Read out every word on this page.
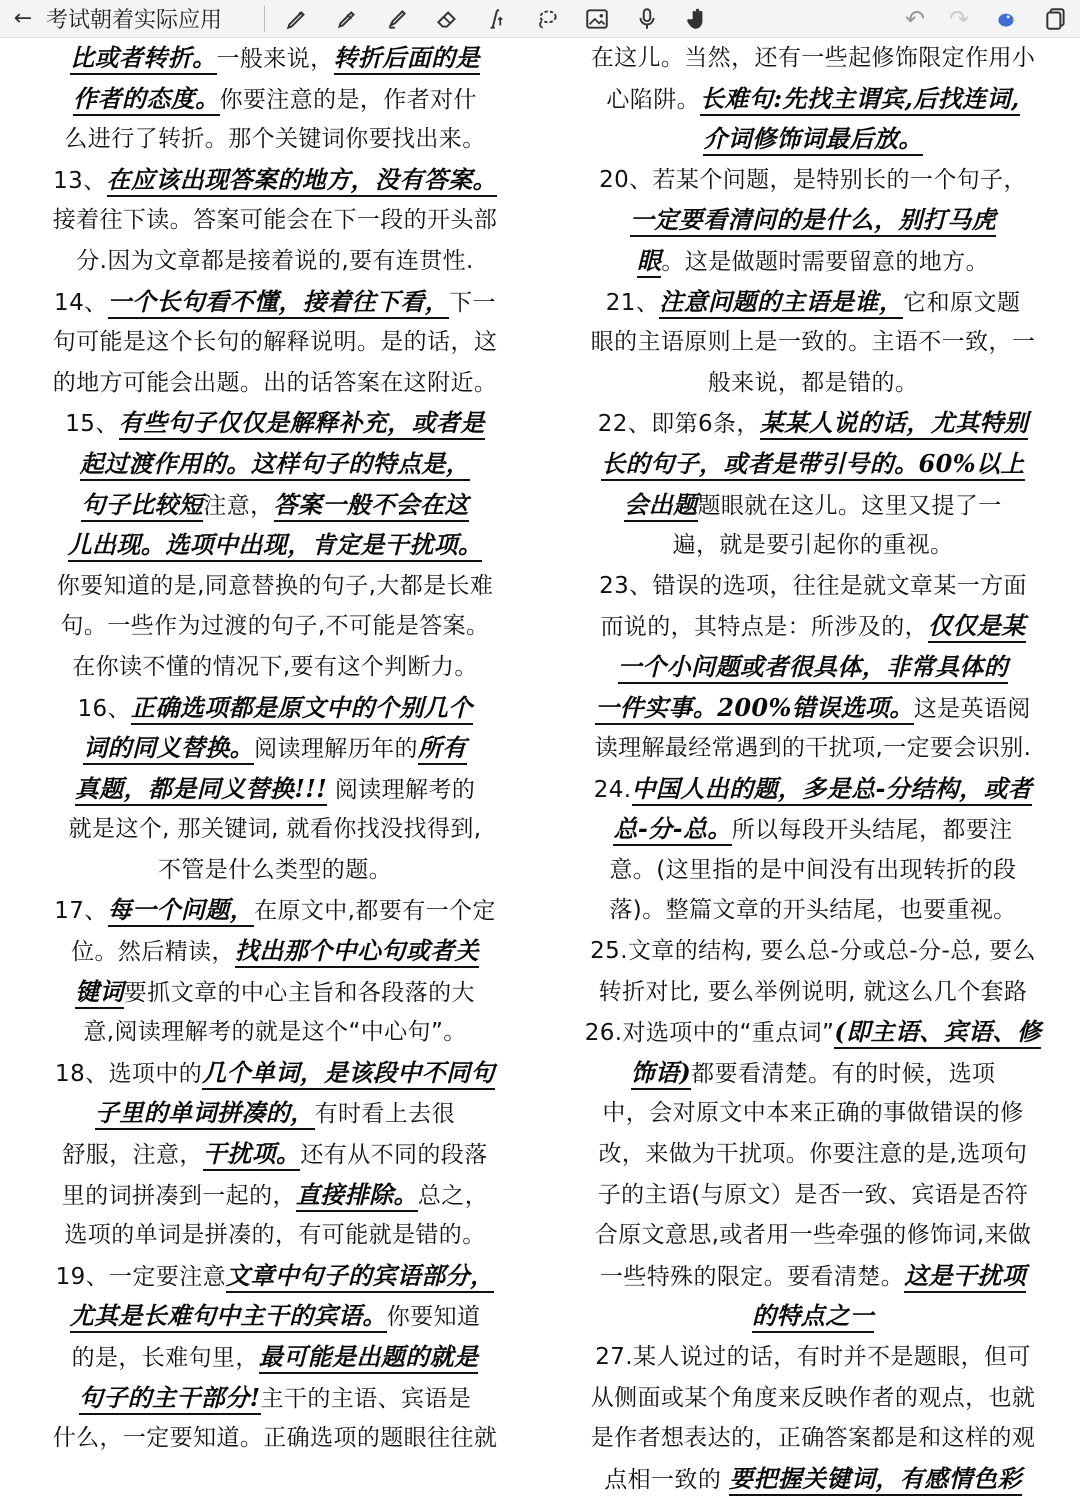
← 考试朝着实际应用	↶ ↷
比或者转折。一般来说，转折后面的是
作者的态度。你要注意的是，作者对什
么进行了转折。那个关键词你要找出来。
13、在应该出现答案的地方，没有答案。
接着往下读。答案可能会在下一段的开头部
分.因为文章都是接着说的,要有连贯性.
14、一个长句看不懂，接着往下看，下一
句可能是这个长句的解释说明。是的话，这
的地方可能会出题。出的话答案在这附近。
15、有些句子仅仅是解释补充，或者是
起过渡作用的。这样句子的特点是，
句子比较短注意，答案一般不会在这
儿出现。选项中出现，肯定是干扰项。
你要知道的是,同意替换的句子,大都是长难
句。一些作为过渡的句子,不可能是答案。
在你读不懂的情况下,要有这个判断力。
16、正确选项都是原文中的个别几个
词的同义替换。阅读理解历年的所有
真题，都是同义替换!!! 阅读理解考的
就是这个, 那关键词, 就看你找没找得到,
不管是什么类型的题。
17、每一个问题，在原文中,都要有一个定
位。然后精读，找出那个中心句或者关
键词要抓文章的中心主旨和各段落的大
意,阅读理解考的就是这个“中心句”。
18、选项中的几个单词，是该段中不同句
子里的单词拼凑的，有时看上去很
舒服，注意，干扰项。还有从不同的段落
里的词拼凑到一起的，直接排除。总之，
选项的单词是拼凑的，有可能就是错的。
19、一定要注意文章中句子的宾语部分，
尤其是长难句中主干的宾语。你要知道
的是，长难句里，最可能是出题的就是
句子的主干部分!主干的主语、宾语是
什么，一定要知道。正确选项的题眼往往就
在这儿。当然，还有一些起修饰限定作用小
心陷阱。长难句:先找主谓宾,后找连词,
介词修饰词最后放。
20、若某个问题，是特别长的一个句子，
一定要看清问的是什么，别打马虎
眼。这是做题时需要留意的地方。
21、注意问题的主语是谁，它和原文题
眼的主语原则上是一致的。主语不一致，一
般来说，都是错的。
22、即第6条，某某人说的话，尤其特别
长的句子，或者是带引号的。60%以上
会出题题眼就在这儿。这里又提了一
遍，就是要引起你的重视。
23、错误的选项，往往是就文章某一方面
而说的，其特点是：所涉及的，仅仅是某
一个小问题或者很具体，非常具体的
一件实事。200%错误选项。这是英语阅
读理解最经常遇到的干扰项,一定要会识别.
24.中国人出的题，多是总-分结构，或者
总-分-总。所以每段开头结尾，都要注
意。(这里指的是中间没有出现转折的段
落)。整篇文章的开头结尾，也要重视。
25.文章的结构, 要么总-分或总-分-总, 要么
转折对比, 要么举例说明, 就这么几个套路
26.对选项中的“重点词”(即主语、宾语、修
饰语)都要看清楚。有的时候，选项
中，会对原文中本来正确的事做错误的修
改，来做为干扰项。你要注意的是,选项句
子的主语(与原文）是否一致、宾语是否符
合原文意思,或者用一些牵强的修饰词,来做
一些特殊的限定。要看清楚。这是干扰项
的特点之一
27.某人说过的话，有时并不是题眼，但可
从侧面或某个角度来反映作者的观点，也就
是作者想表达的，正确答案都是和这样的观
点相一致的 要把握关键词，有感情色彩
